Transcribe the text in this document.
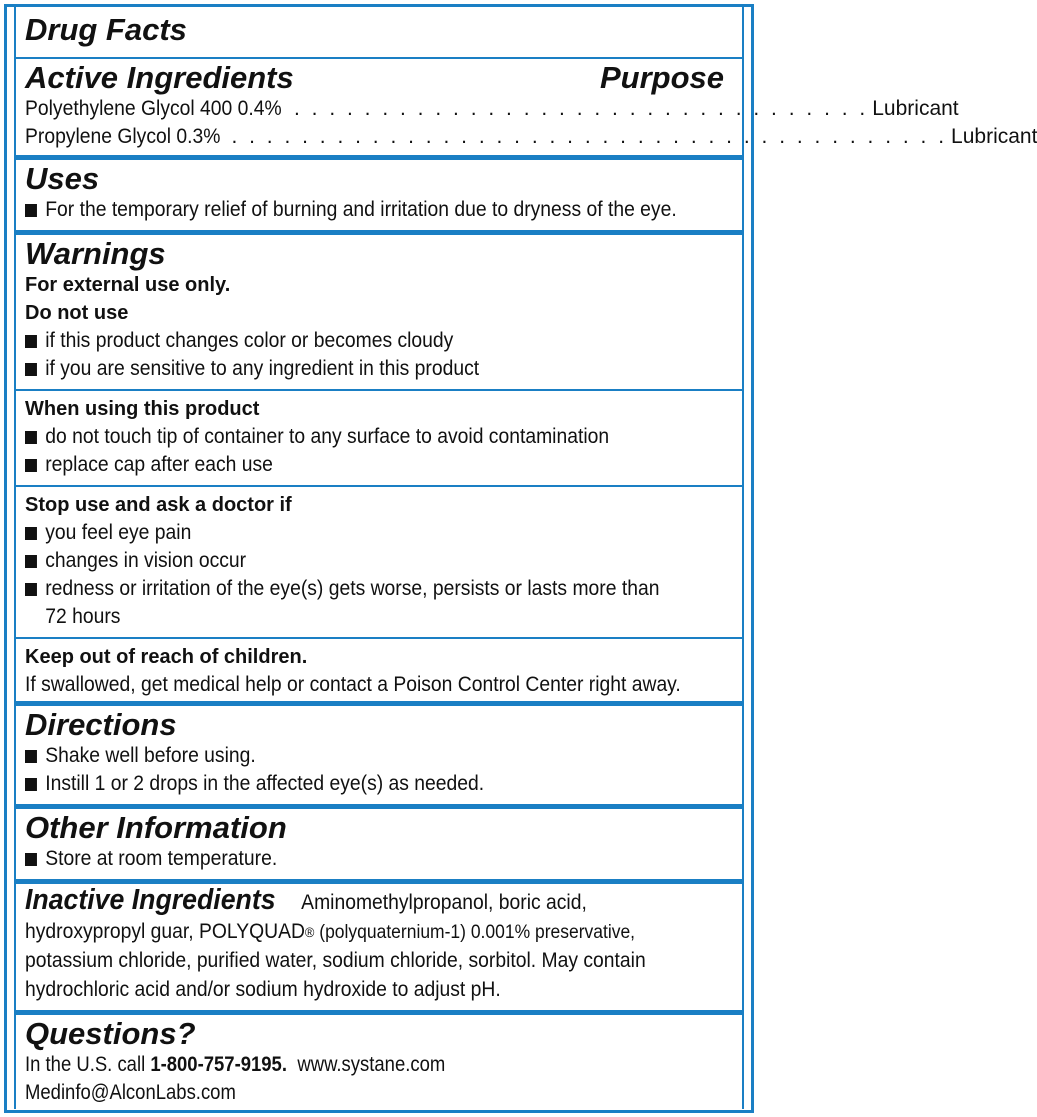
Drug Facts
Active Ingredients	Purpose
Polyethylene Glycol 400 0.4% . . . . . . . . . . . . . . . . . . . . . . . . . . . . . . . . . Lubricant
Propylene Glycol 0.3% . . . . . . . . . . . . . . . . . . . . . . . . . . . . . . . . . . . . . . . . . Lubricant
Uses
For the temporary relief of burning and irritation due to dryness of the eye.
Warnings
For external use only.
Do not use
if this product changes color or becomes cloudy
if you are sensitive to any ingredient in this product
When using this product
do not touch tip of container to any surface to avoid contamination
replace cap after each use
Stop use and ask a doctor if
you feel eye pain
changes in vision occur
redness or irritation of the eye(s) gets worse, persists or lasts more than
72 hours
Keep out of reach of children.
If swallowed, get medical help or contact a Poison Control Center right away.
Directions
Shake well before using.
Instill 1 or 2 drops in the affected eye(s) as needed.
Other Information
Store at room temperature.
Inactive Ingredients Aminomethylpropanol, boric acid,
hydroxypropyl guar, POLYQUAD® (polyquaternium-1) 0.001% preservative,
potassium chloride, purified water, sodium chloride, sorbitol. May contain
hydrochloric acid and/or sodium hydroxide to adjust pH.
Questions?
In the U.S. call 1-800-757-9195. www.systane.com
Medinfo@AlconLabs.com
